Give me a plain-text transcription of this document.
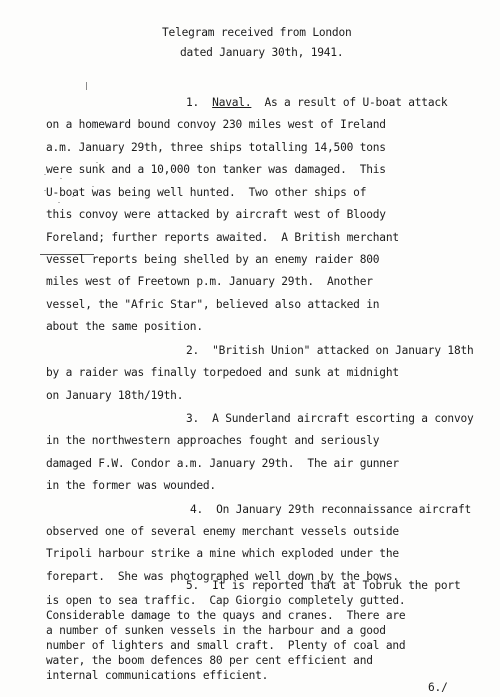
Telegram received from London
dated January 30th, 1941.
1.  Naval.  As a result of U-boat attack
on a homeward bound convoy 230 miles west of Ireland
a.m. January 29th, three ships totalling 14,500 tons
were sunk and a 10,000 ton tanker was damaged.  This
U-boat was being well hunted.  Two other ships of
this convoy were attacked by aircraft west of Bloody
Foreland; further reports awaited.  A British merchant
vessel reports being shelled by an enemy raider 800
miles west of Freetown p.m. January 29th.  Another
vessel, the "Afric Star", believed also attacked in
about the same position.
2.  "British Union" attacked on January 18th
by a raider was finally torpedoed and sunk at midnight
on January 18th/19th.
3.  A Sunderland aircraft escorting a convoy
in the northwestern approaches fought and seriously
damaged F.W. Condor a.m. January 29th.  The air gunner
in the former was wounded.
4.  On January 29th reconnaissance aircraft
observed one of several enemy merchant vessels outside
Tripoli harbour strike a mine which exploded under the
forepart.  She was photographed well down by the bows.
5.  It is reported that at Tobruk the port
is open to sea traffic.  Cap Giorgio completely gutted.
Considerable damage to the quays and cranes.  There are
a number of sunken vessels in the harbour and a good
number of lighters and small craft.  Plenty of coal and
water, the boom defences 80 per cent efficient and
internal communications efficient.
6./
